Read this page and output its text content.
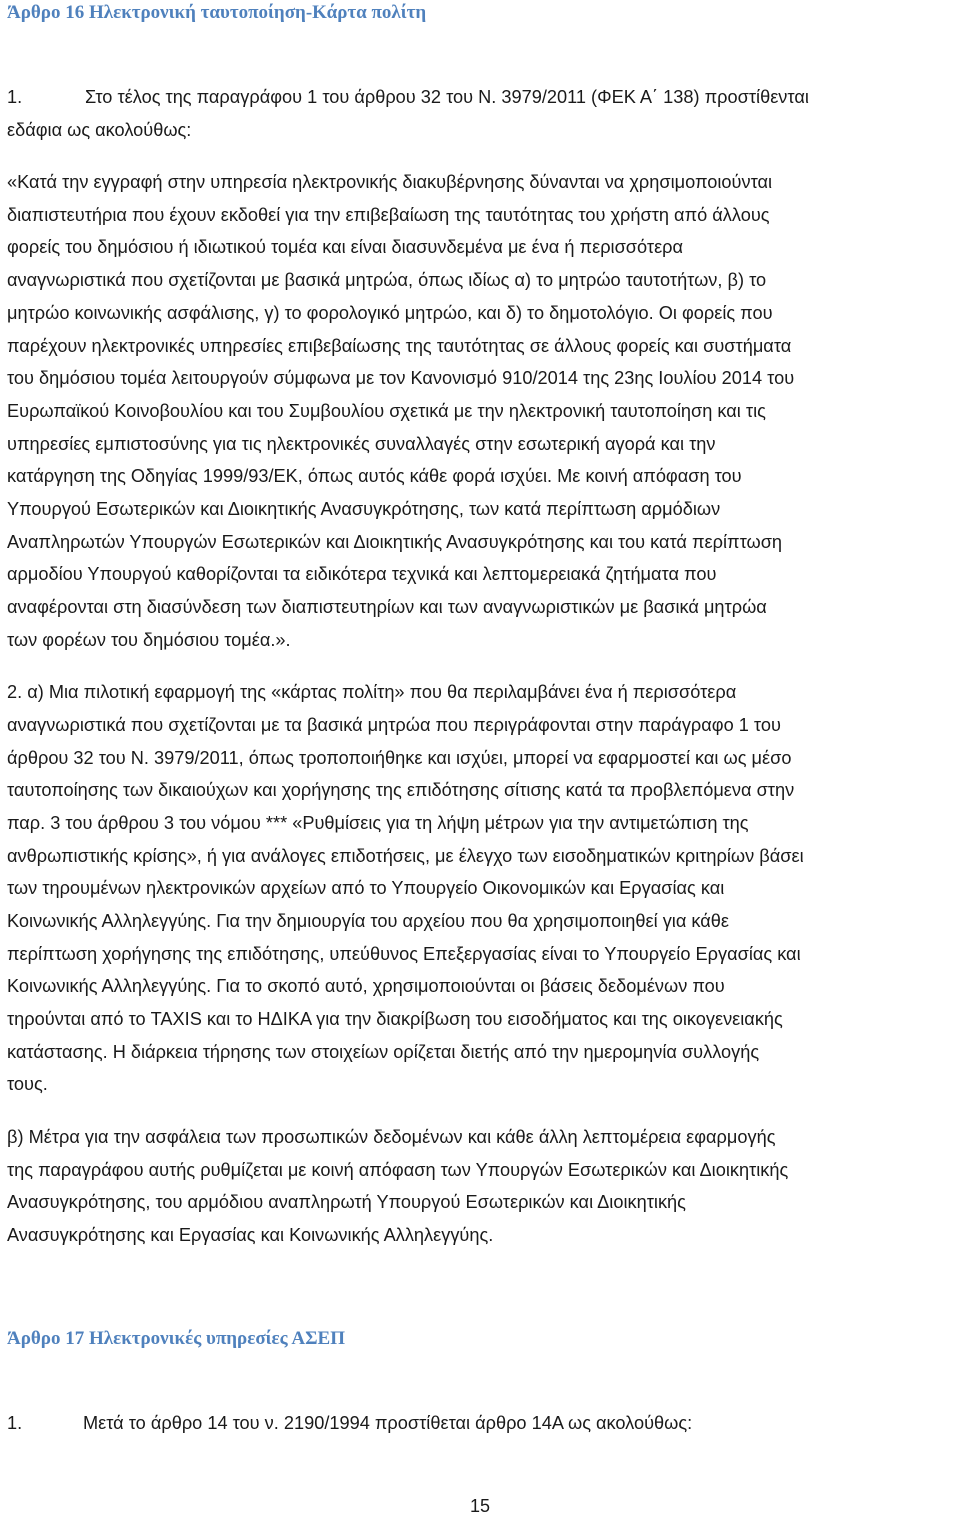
Άρθρο 16 Ηλεκτρονική ταυτοποίηση-Κάρτα πολίτη
1.	Στο τέλος της παραγράφου 1 του άρθρου 32 του Ν. 3979/2011 (ΦΕΚ Α΄ 138) προστίθενται
εδάφια ως ακολούθως:
«Κατά την εγγραφή στην υπηρεσία ηλεκτρονικής διακυβέρνησης δύνανται να χρησιμοποιούνται
διαπιστευτήρια που έχουν εκδοθεί για την επιβεβαίωση της ταυτότητας του χρήστη από άλλους
φορείς του δημόσιου ή ιδιωτικού τομέα και είναι διασυνδεμένα με ένα ή περισσότερα
αναγνωριστικά που σχετίζονται με βασικά μητρώα, όπως ιδίως α) το μητρώο ταυτοτήτων, β) το
μητρώο κοινωνικής ασφάλισης, γ) το φορολογικό μητρώο, και δ) το δημοτολόγιο. Οι φορείς που
παρέχουν ηλεκτρονικές υπηρεσίες επιβεβαίωσης της ταυτότητας σε άλλους φορείς και συστήματα
του δημόσιου τομέα λειτουργούν σύμφωνα με τον Κανονισμό 910/2014 της 23ης Ιουλίου 2014 του
Ευρωπαϊκού Κοινοβουλίου και του Συμβουλίου σχετικά με την ηλεκτρονική ταυτοποίηση και τις
υπηρεσίες εμπιστοσύνης για τις ηλεκτρονικές συναλλαγές στην εσωτερική αγορά και την
κατάργηση της Οδηγίας 1999/93/ΕΚ, όπως αυτός κάθε φορά ισχύει. Με κοινή απόφαση του
Υπουργού Εσωτερικών και Διοικητικής Ανασυγκρότησης, των κατά περίπτωση αρμόδιων
Αναπληρωτών Υπουργών Εσωτερικών και Διοικητικής Ανασυγκρότησης και του κατά περίπτωση
αρμοδίου Υπουργού καθορίζονται τα ειδικότερα τεχνικά και λεπτομερειακά ζητήματα που
αναφέρονται στη διασύνδεση των διαπιστευτηρίων και των αναγνωριστικών με βασικά μητρώα
των φορέων του δημόσιου τομέα.».
2. α) Μια πιλοτική εφαρμογή της «κάρτας πολίτη» που θα περιλαμβάνει ένα ή περισσότερα
αναγνωριστικά που σχετίζονται με τα βασικά μητρώα που περιγράφονται στην παράγραφο 1 του
άρθρου 32 του Ν. 3979/2011, όπως τροποποιήθηκε και ισχύει, μπορεί να εφαρμοστεί και ως μέσο
ταυτοποίησης των δικαιούχων και χορήγησης της επιδότησης σίτισης κατά τα προβλεπόμενα στην
παρ. 3 του άρθρου 3 του νόμου *** «Ρυθμίσεις για τη λήψη μέτρων για την αντιμετώπιση της
ανθρωπιστικής κρίσης», ή για ανάλογες επιδοτήσεις, με έλεγχο των εισοδηματικών κριτηρίων βάσει
των τηρουμένων ηλεκτρονικών αρχείων από το Υπουργείο Οικονομικών και Εργασίας και
Κοινωνικής Αλληλεγγύης. Για την δημιουργία του αρχείου που θα χρησιμοποιηθεί για κάθε
περίπτωση χορήγησης της επιδότησης, υπεύθυνος Επεξεργασίας είναι το Υπουργείο Εργασίας και
Κοινωνικής Αλληλεγγύης. Για το σκοπό αυτό, χρησιμοποιούνται οι βάσεις δεδομένων που
τηρούνται από το TAXIS και το ΗΔΙΚΑ για την διακρίβωση του εισοδήματος και της οικογενειακής
κατάστασης. Η διάρκεια τήρησης των στοιχείων ορίζεται διετής από την ημερομηνία συλλογής
τους.
β) Μέτρα για την ασφάλεια των προσωπικών δεδομένων και κάθε άλλη λεπτομέρεια εφαρμογής
της παραγράφου αυτής ρυθμίζεται με κοινή απόφαση των Υπουργών Εσωτερικών και Διοικητικής
Ανασυγκρότησης, του αρμόδιου αναπληρωτή Υπουργού Εσωτερικών και Διοικητικής
Ανασυγκρότησης και Εργασίας και Κοινωνικής Αλληλεγγύης.
Άρθρο 17 Ηλεκτρονικές υπηρεσίες ΑΣΕΠ
1.	Μετά το άρθρο 14 του ν. 2190/1994 προστίθεται άρθρο 14Α ως ακολούθως:
15
